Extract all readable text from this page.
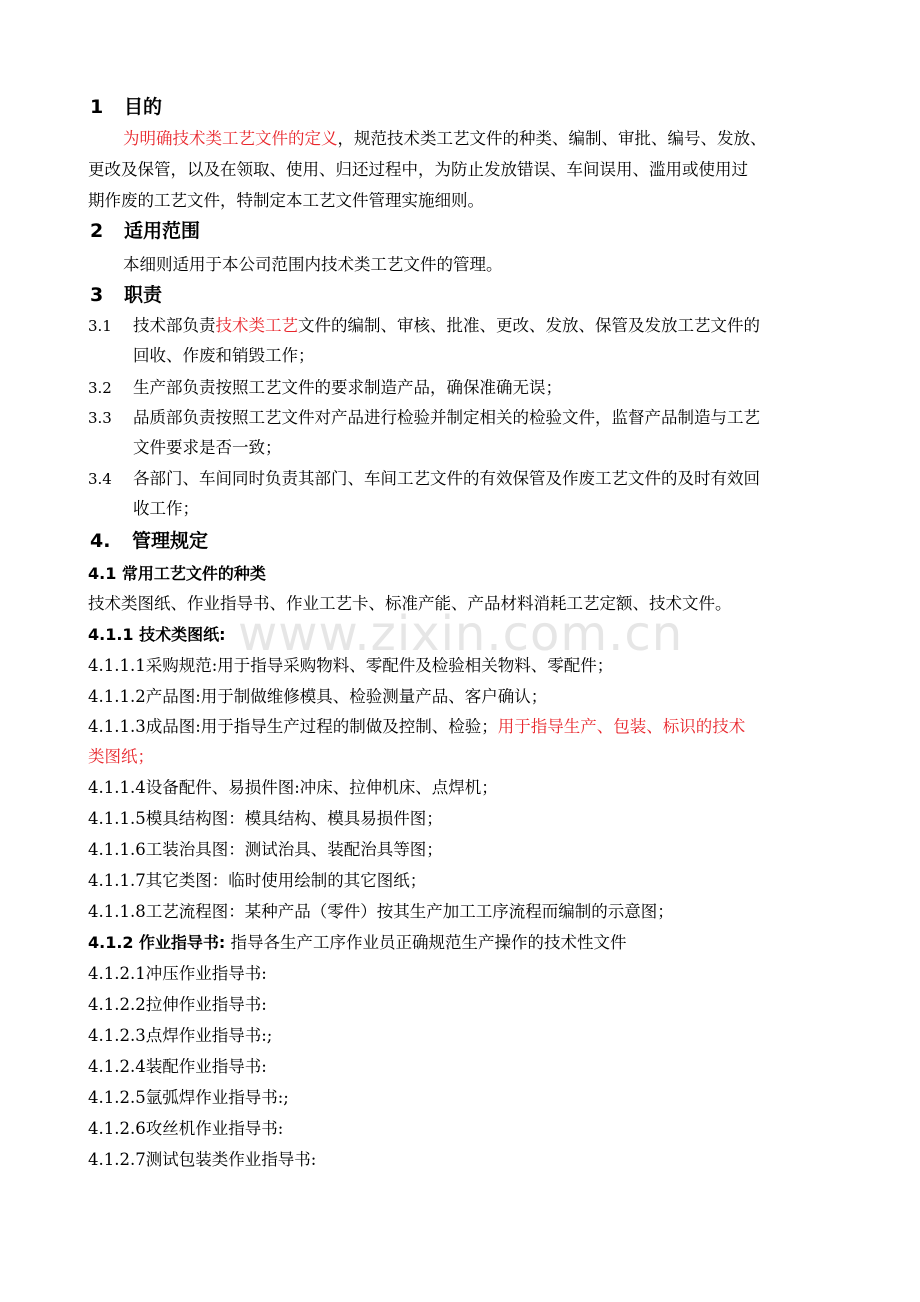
www.zixin.com.cn
1 目的
为明确技术类工艺文件的定义，规范技术类工艺文件的种类、编制、审批、编号、发放、
更改及保管，以及在领取、使用、归还过程中，为防止发放错误、车间误用、滥用或使用过
期作废的工艺文件，特制定本工艺文件管理实施细则。
2 适用范围
本细则适用于本公司范围内技术类工艺文件的管理。
3 职责
3.1 技术部负责技术类工艺文件的编制、审核、批准、更改、发放、保管及发放工艺文件的
回收、作废和销毁工作；
3.2 生产部负责按照工艺文件的要求制造产品，确保准确无误；
3.3 品质部负责按照工艺文件对产品进行检验并制定相关的检验文件，监督产品制造与工艺
文件要求是否一致；
3.4 各部门、车间同时负责其部门、车间工艺文件的有效保管及作废工艺文件的及时有效回
收工作；
4. 管理规定
4.1 常用工艺文件的种类
技术类图纸、作业指导书、作业工艺卡、标准产能、产品材料消耗工艺定额、技术文件。
4.1.1 技术类图纸:
4.1.1.1采购规范:用于指导采购物料、零配件及检验相关物料、零配件；
4.1.1.2产品图:用于制做维修模具、检验测量产品、客户确认；
4.1.1.3成品图:用于指导生产过程的制做及控制、检验；用于指导生产、包装、标识的技术
类图纸；
4.1.1.4设备配件、易损件图:冲床、拉伸机床、点焊机；
4.1.1.5模具结构图：模具结构、模具易损件图；
4.1.1.6工装治具图：测试治具、装配治具等图；
4.1.1.7其它类图：临时使用绘制的其它图纸；
4.1.1.8工艺流程图：某种产品（零件）按其生产加工工序流程而编制的示意图；
4.1.2 作业指导书: 指导各生产工序作业员正确规范生产操作的技术性文件
4.1.2.1冲压作业指导书:
4.1.2.2拉伸作业指导书:
4.1.2.3点焊作业指导书:;
4.1.2.4装配作业指导书:
4.1.2.5氩弧焊作业指导书:;
4.1.2.6攻丝机作业指导书:
4.1.2.7测试包装类作业指导书:
